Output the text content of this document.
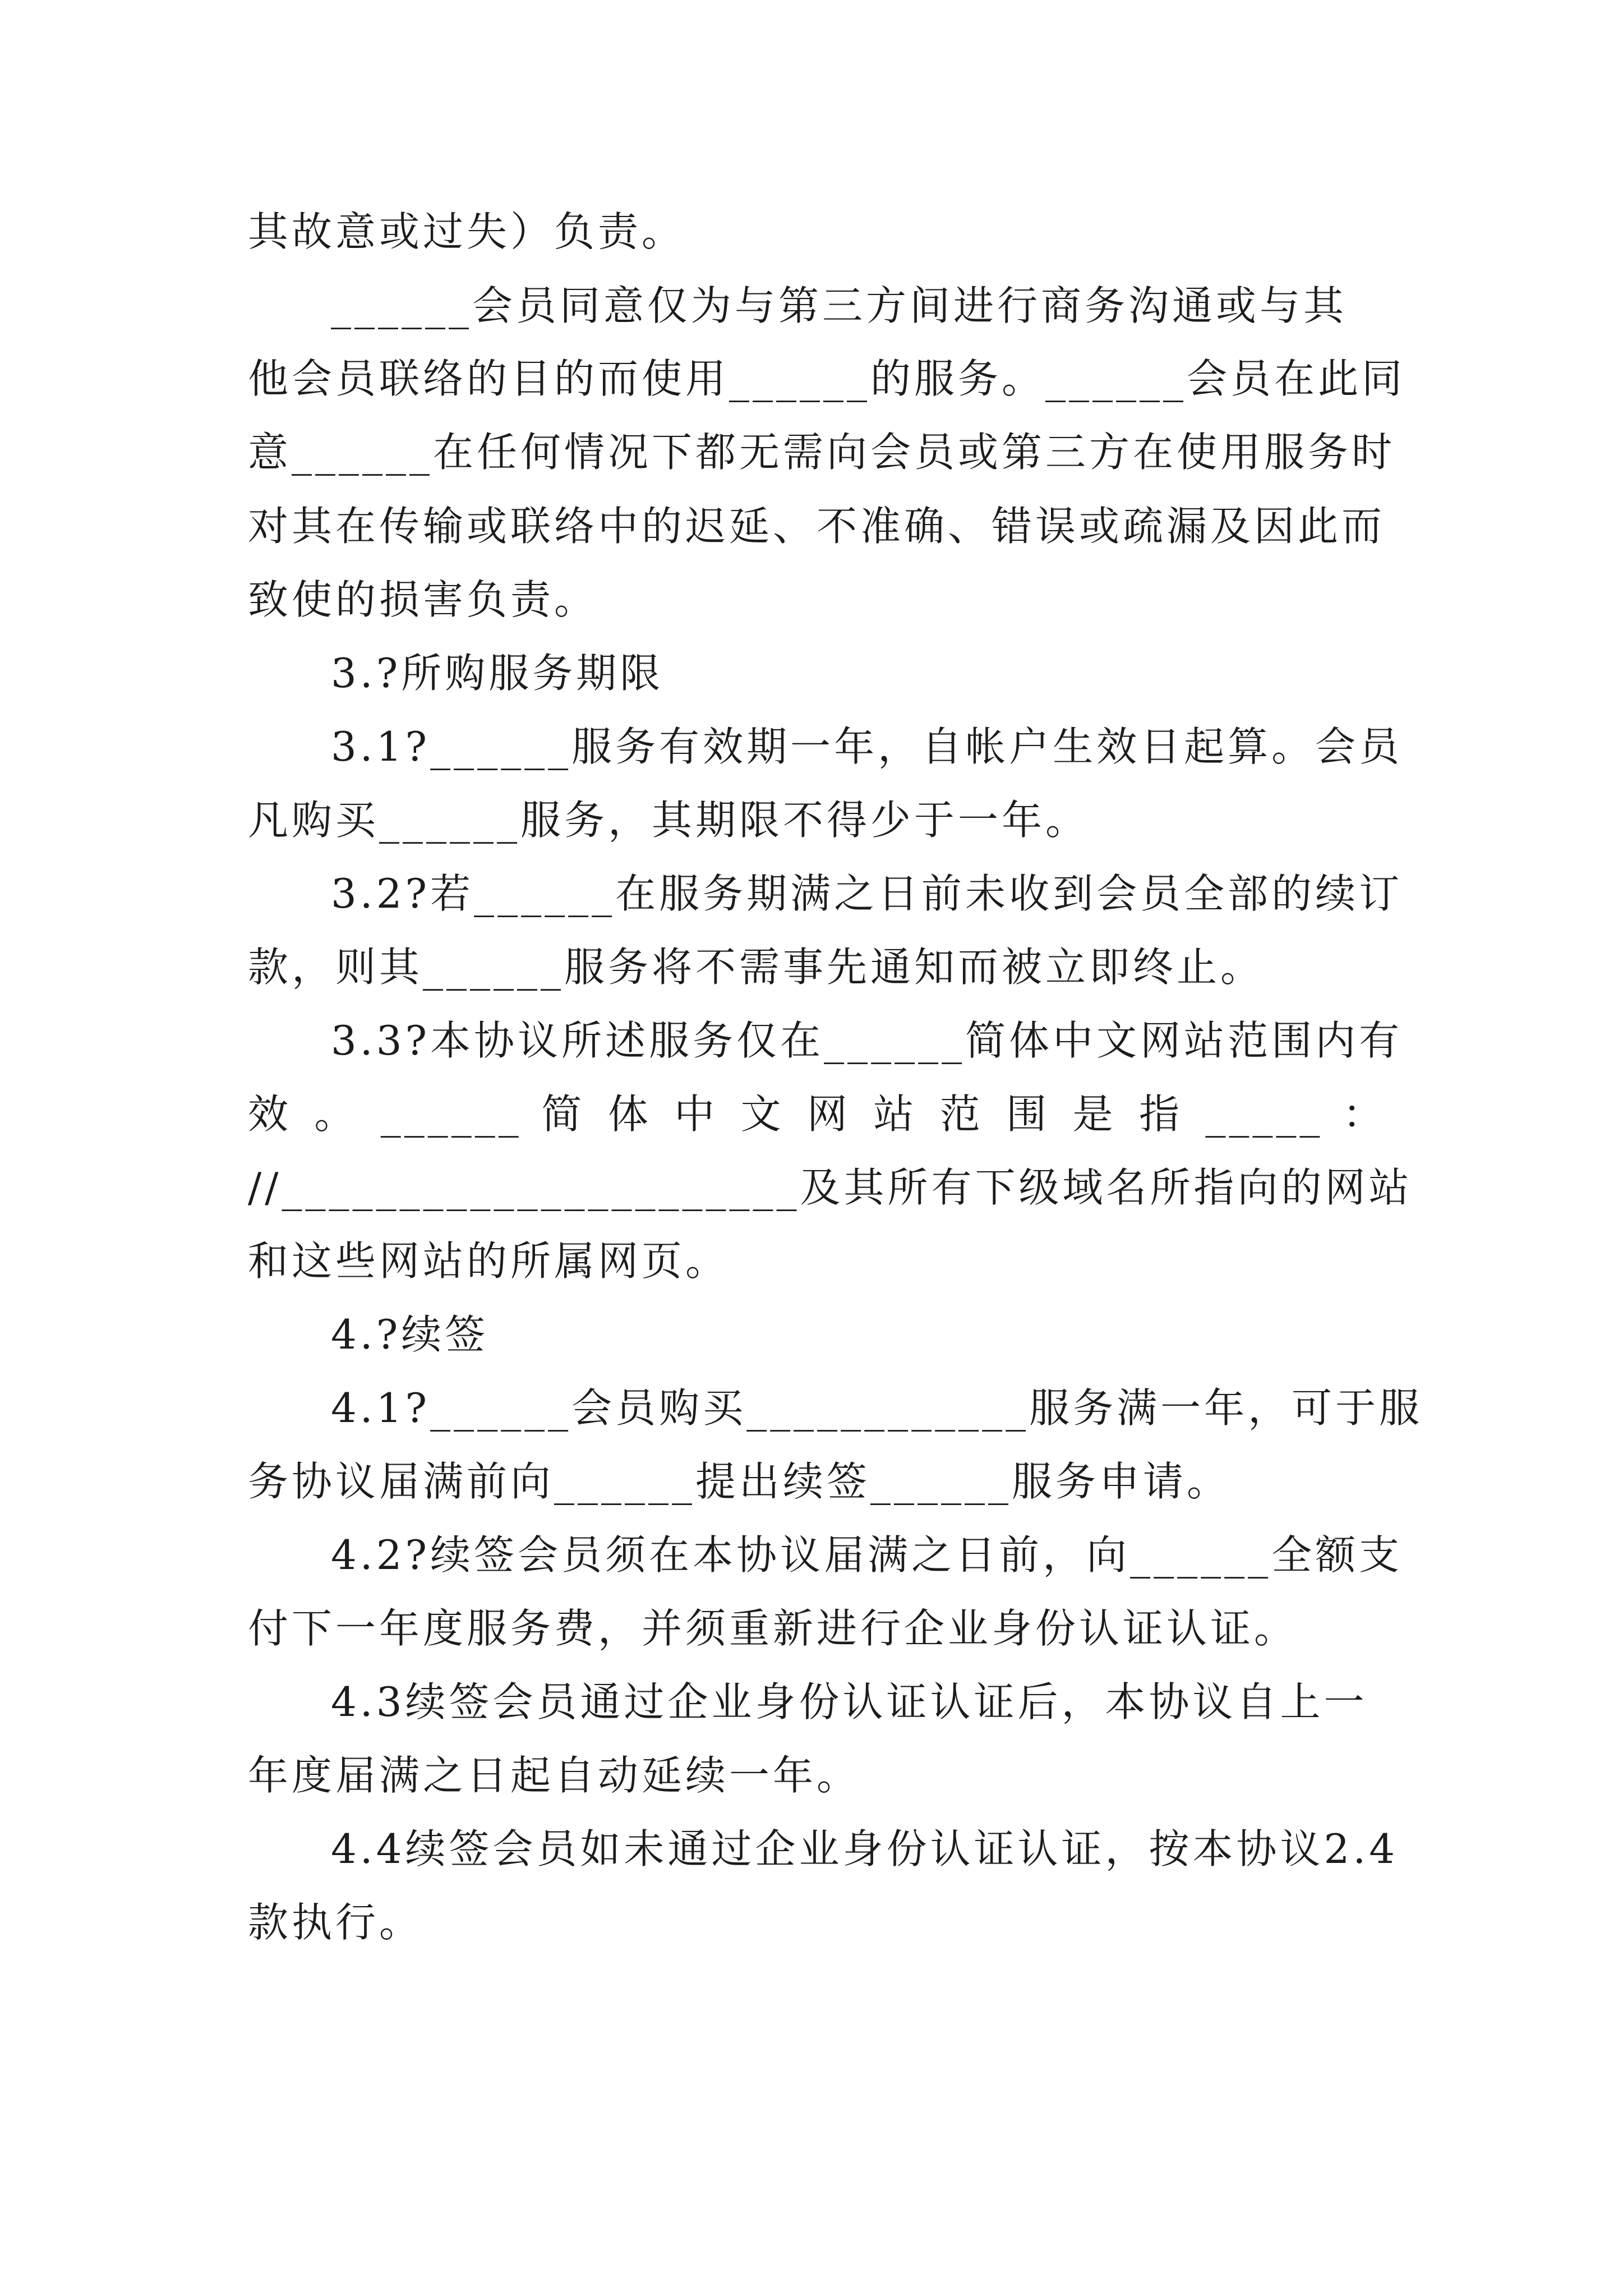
其故意或过失）负责。
______会员同意仅为与第三方间进行商务沟通或与其
他会员联络的目的而使用______的服务。______会员在此同
意______在任何情况下都无需向会员或第三方在使用服务时
对其在传输或联络中的迟延、不准确、错误或疏漏及因此而
致使的损害负责。
3.?所购服务期限
3.1?______服务有效期一年，自帐户生效日起算。会员
凡购买______服务，其期限不得少于一年。
3.2?若______在服务期满之日前未收到会员全部的续订
款，则其______服务将不需事先通知而被立即终止。
3.3?本协议所述服务仅在______简体中文网站范围内有
效 。 ______ 简 体 中 文 网 站 范 围 是 指 _____ ：
//______________________及其所有下级域名所指向的网站
和这些网站的所属网页。
4.?续签
4.1?______会员购买____________服务满一年，可于服
务协议届满前向______提出续签______服务申请。
4.2?续签会员须在本协议届满之日前，向______全额支
付下一年度服务费，并须重新进行企业身份认证认证。
4.3续签会员通过企业身份认证认证后，本协议自上一
年度届满之日起自动延续一年。
4.4续签会员如未通过企业身份认证认证，按本协议2.4
款执行。
